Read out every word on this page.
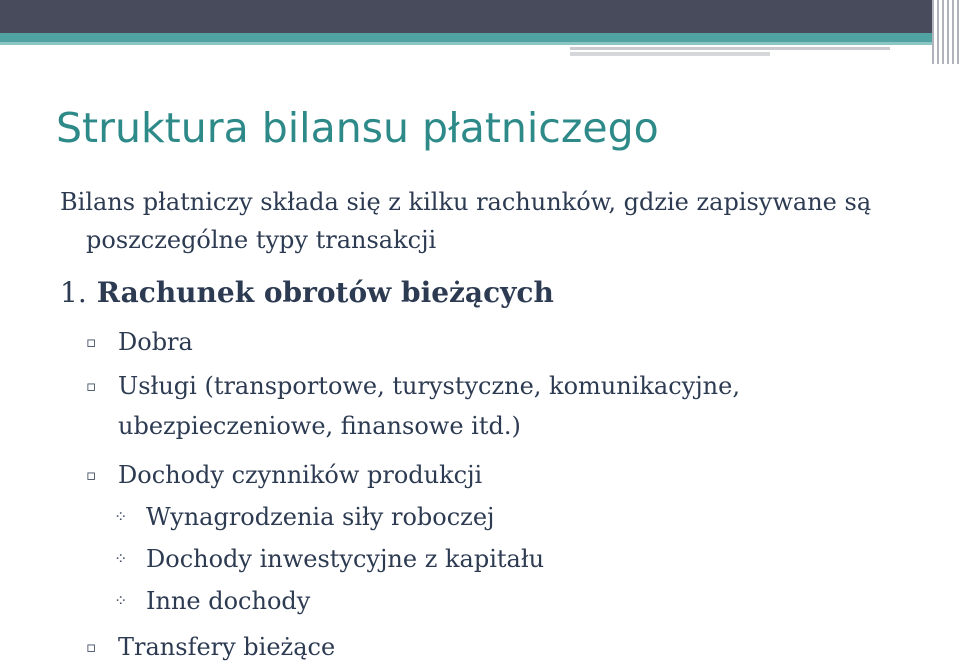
Struktura bilansu płatniczego
Bilans płatniczy składa się z kilku rachunków, gdzie zapisywane są poszczególne typy transakcji
1. Rachunek obrotów bieżących
▫ Dobra
▫ Usługi (transportowe, turystyczne, komunikacyjne, ubezpieczeniowe, finansowe itd.)
▫ Dochody czynników produkcji
⁘ Wynagrodzenia siły roboczej
⁘ Dochody inwestycyjne z kapitału
⁘ Inne dochody
▫ Transfery bieżące
